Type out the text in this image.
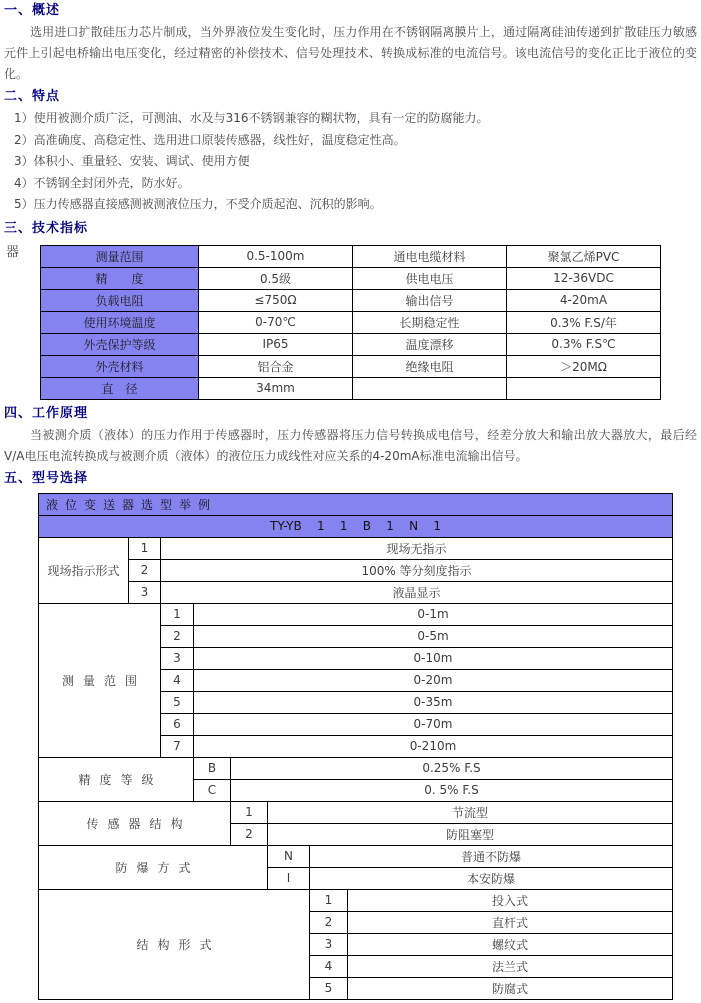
器
一、概述
选用进口扩散硅压力芯片制成，当外界液位发生变化时，压力作用在不锈钢隔离膜片上，通过隔离硅油传递到扩散硅压力敏感元件上引起电桥输出电压变化，经过精密的补偿技术、信号处理技术、转换成标准的电流信号。该电流信号的变化正比于液位的变化。
二、特点
1）使用被测介质广泛，可测油、水及与316不锈钢兼容的糊状物，具有一定的防腐能力。
2）高准确度、高稳定性、选用进口原装传感器，线性好，温度稳定性高。
3）体积小、重量轻、安装、调试、使用方便
4）不锈钢全封闭外壳，防水好。
5）压力传感器直接感测被测液位压力，不受介质起泡、沉积的影响。
三、技术指标
测量范围	0.5-100m	通电电缆材料	聚氯乙烯PVC
精　　度	0.5级	供电电压	12-36VDC
负载电阻	≤750Ω	输出信号	4-20mA
使用环境温度	0-70℃	长期稳定性	0.3% F.S/年
外壳保护等级	IP65	温度漂移	0.3% F.S℃
外壳材料	铝合金	绝缘电阻	＞20MΩ
直　径	34mm		
四、工作原理
当被测介质（液体）的压力作用于传感器时，压力传感器将压力信号转换成电信号，经差分放大和输出放大器放大，最后经V/A电压电流转换成与被测介质（液体）的液位压力成线性对应关系的4-20mA标准电流输出信号。
五、型号选择
液位变送器选型举例							
TY-YB    1    1    B    1    N    1							
现场指示形式	1	现场无指示					
	2	100% 等分刻度指示					
	3	液晶显示					
测量范围		1	0-1m				
		2	0-5m				
		3	0-10m				
		4	0-20m				
		5	0-35m				
		6	0-70m				
		7	0-210m				
精度等级			B	0.25% F.S			
			C	0. 5% F.S			
传感器结构				1	节流型		
				2	防阻塞型		
防爆方式					N	普通不防爆	
					I	本安防爆	
结构形式						1	投入式
						2	直杆式
						3	螺纹式
						4	法兰式
						5	防腐式
